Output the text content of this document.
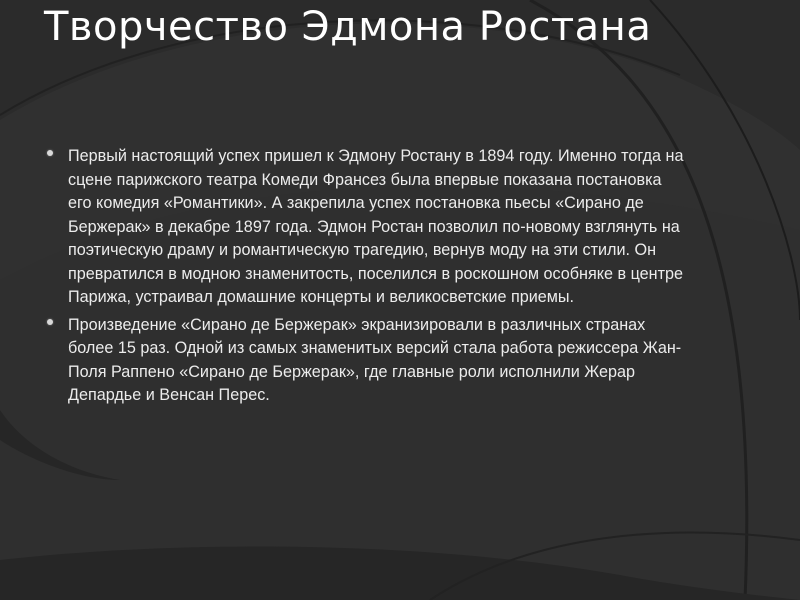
Творчество Эдмона Ростана
Первый настоящий успех пришел к Эдмону Ростану в 1894 году. Именно тогда на сцене парижского театра Комеди Франсез была впервые показана постановка его комедия «Романтики». А закрепила успех постановка пьесы «Сирано де Бержерак» в декабре 1897 года. Эдмон Ростан позволил по-новому взглянуть на поэтическую драму и романтическую трагедию, вернув моду на эти стили. Он превратился в модною знаменитость, поселился в роскошном особняке в центре Парижа, устраивал домашние концерты и великосветские приемы.
Произведение «Сирано де Бержерак» экранизировали в различных странах более 15 раз. Одной из самых знаменитых версий стала работа режиссера Жан-Поля Раппено «Сирано де Бержерак», где главные роли исполнили Жерар Депардье и Венсан Перес.
